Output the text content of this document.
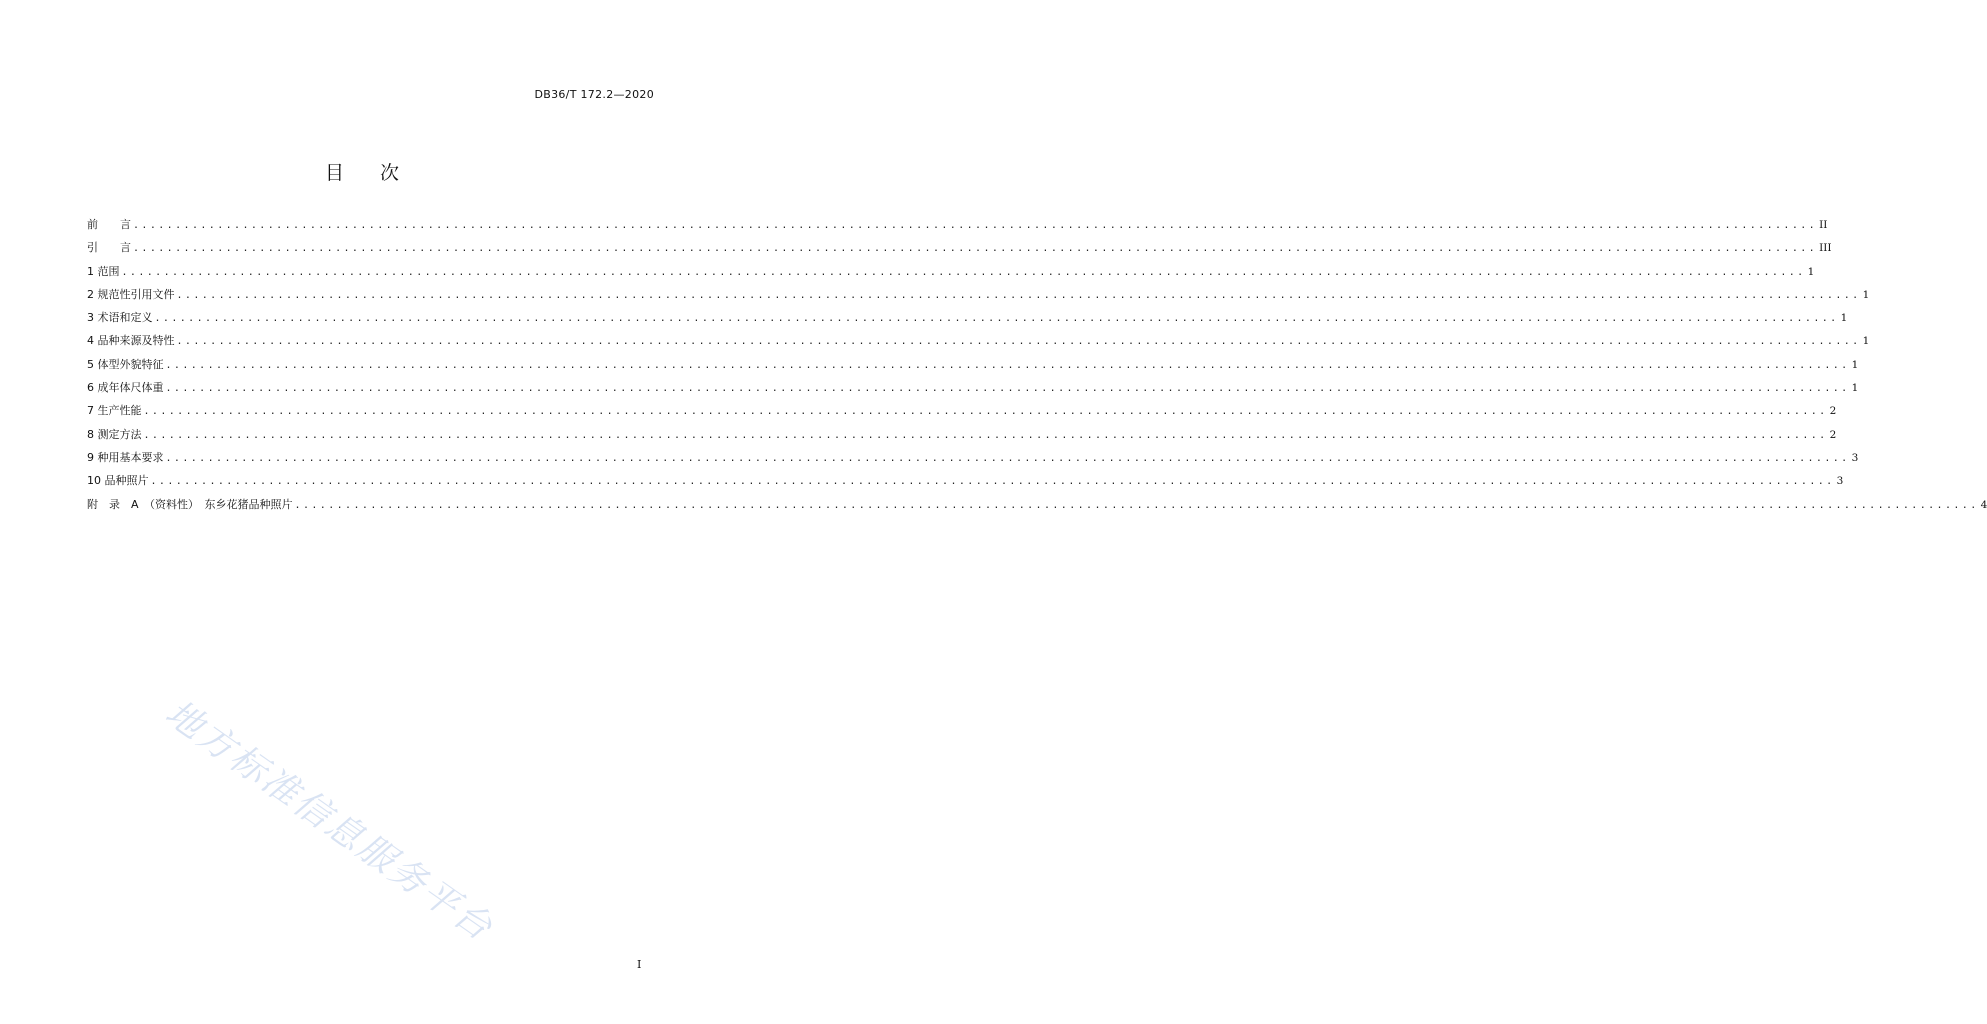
DB36/T 172.2—2020
目 次
前　　言 ........................................................................................................................................................................................................ II
引　　言 ........................................................................................................................................................................................................ III
1 范围 ........................................................................................................................................................................................................ 1
2 规范性引用文件 ........................................................................................................................................................................................................ 1
3 术语和定义 ........................................................................................................................................................................................................ 1
4 品种来源及特性 ........................................................................................................................................................................................................ 1
5 体型外貌特征 ........................................................................................................................................................................................................ 1
6 成年体尺体重 ........................................................................................................................................................................................................ 1
7 生产性能 ........................................................................................................................................................................................................ 2
8 测定方法 ........................................................................................................................................................................................................ 2
9 种用基本要求 ........................................................................................................................................................................................................ 3
10 品种照片 ........................................................................................................................................................................................................ 3
附　录　A　（资料性）　东乡花猪品种照片 ........................................................................................................................................................................................................ 4
地方标准信息服务平台
I
